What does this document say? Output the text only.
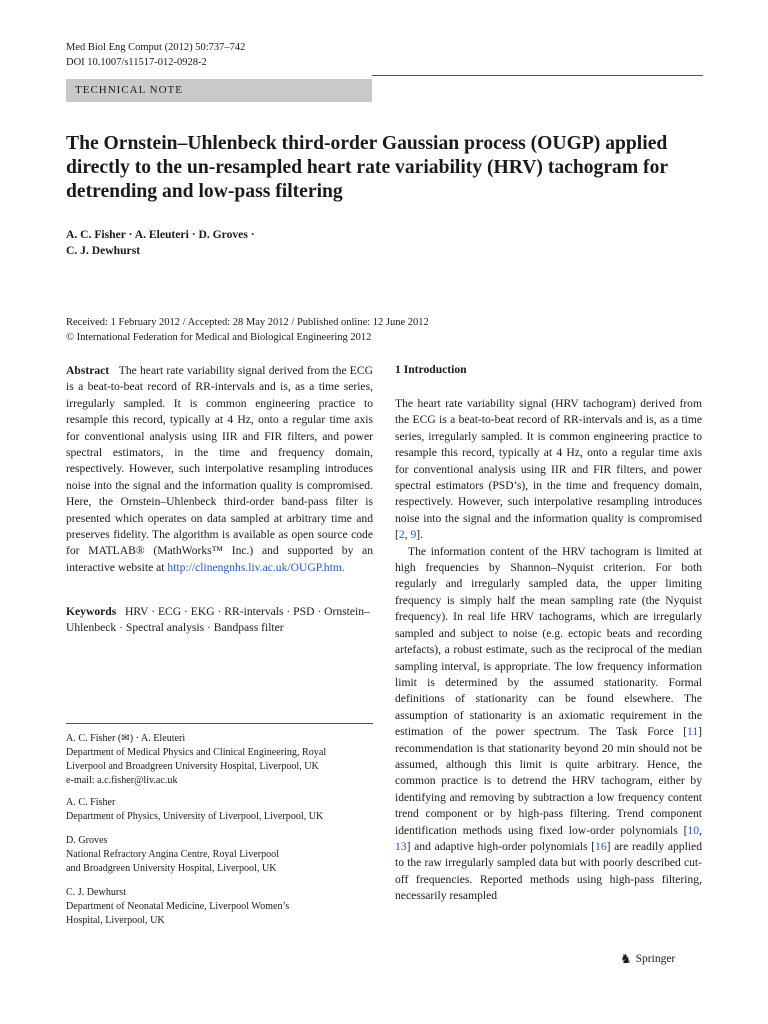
Med Biol Eng Comput (2012) 50:737–742
DOI 10.1007/s11517-012-0928-2
TECHNICAL NOTE
The Ornstein–Uhlenbeck third-order Gaussian process (OUGP) applied directly to the un-resampled heart rate variability (HRV) tachogram for detrending and low-pass filtering
A. C. Fisher · A. Eleuteri · D. Groves ·
C. J. Dewhurst
Received: 1 February 2012 / Accepted: 28 May 2012 / Published online: 12 June 2012
© International Federation for Medical and Biological Engineering 2012

Abstract The heart rate variability signal derived from the ECG is a beat-to-beat record of RR-intervals and is, as a time series, irregularly sampled. It is common engineering practice to resample this record, typically at 4 Hz, onto a regular time axis for conventional analysis using IIR and FIR filters, and power spectral estimators, in the time and frequency domain, respectively. However, such interpolative resampling introduces noise into the signal and the information quality is compromised. Here, the Ornstein–Uhlenbeck third-order band-pass filter is presented which operates on data sampled at arbitrary time and preserves fidelity. The algorithm is available as open source code for MATLAB® (MathWorks™ Inc.) and supported by an interactive website at http://clinengnhs.liv.ac.uk/OUGP.htm.

Keywords HRV · ECG · EKG · RR-intervals · PSD · Ornstein–Uhlenbeck · Spectral analysis · Bandpass filter
A. C. Fisher (✉) · A. Eleuteri
Department of Medical Physics and Clinical Engineering, Royal
Liverpool and Broadgreen University Hospital, Liverpool, UK
e-mail: a.c.fisher@liv.ac.uk
A. C. Fisher
Department of Physics, University of Liverpool, Liverpool, UK
D. Groves
National Refractory Angina Centre, Royal Liverpool
and Broadgreen University Hospital, Liverpool, UK
C. J. Dewhurst
Department of Neonatal Medicine, Liverpool Women’s
Hospital, Liverpool, UK
1 Introduction

The heart rate variability signal (HRV tachogram) derived from the ECG is a beat-to-beat record of RR-intervals and is, as a time series, irregularly sampled. It is common engineering practice to resample this record, typically at 4 Hz, onto a regular time axis for conventional analysis using IIR and FIR filters, and power spectral estimators (PSD’s), in the time and frequency domain, respectively. However, such interpolative resampling introduces noise into the signal and the information quality is compromised [2, 9].

The information content of the HRV tachogram is limited at high frequencies by Shannon–Nyquist criterion. For both regularly and irregularly sampled data, the upper limiting frequency is simply half the mean sampling rate (the Nyquist frequency). In real life HRV tachograms, which are irregularly sampled and subject to noise (e.g. ectopic beats and recording artefacts), a robust estimate, such as the reciprocal of the median sampling interval, is appropriate. The low frequency information limit is determined by the assumed stationarity. Formal definitions of stationarity can be found elsewhere. The assumption of stationarity is an axiomatic requirement in the estimation of the power spectrum. The Task Force [11] recommendation is that stationarity beyond 20 min should not be assumed, although this limit is quite arbitrary. Hence, the common practice is to detrend the HRV tachogram, either by identifying and removing by subtraction a low frequency content trend component or by high-pass filtering. Trend component identification methods using fixed low-order polynomials [10, 13] and adaptive high-order polynomials [16] are readily applied to the raw irregularly sampled data but with poorly described cut-off frequencies. Reported methods using high-pass filtering, necessarily resampled

♞ Springer
